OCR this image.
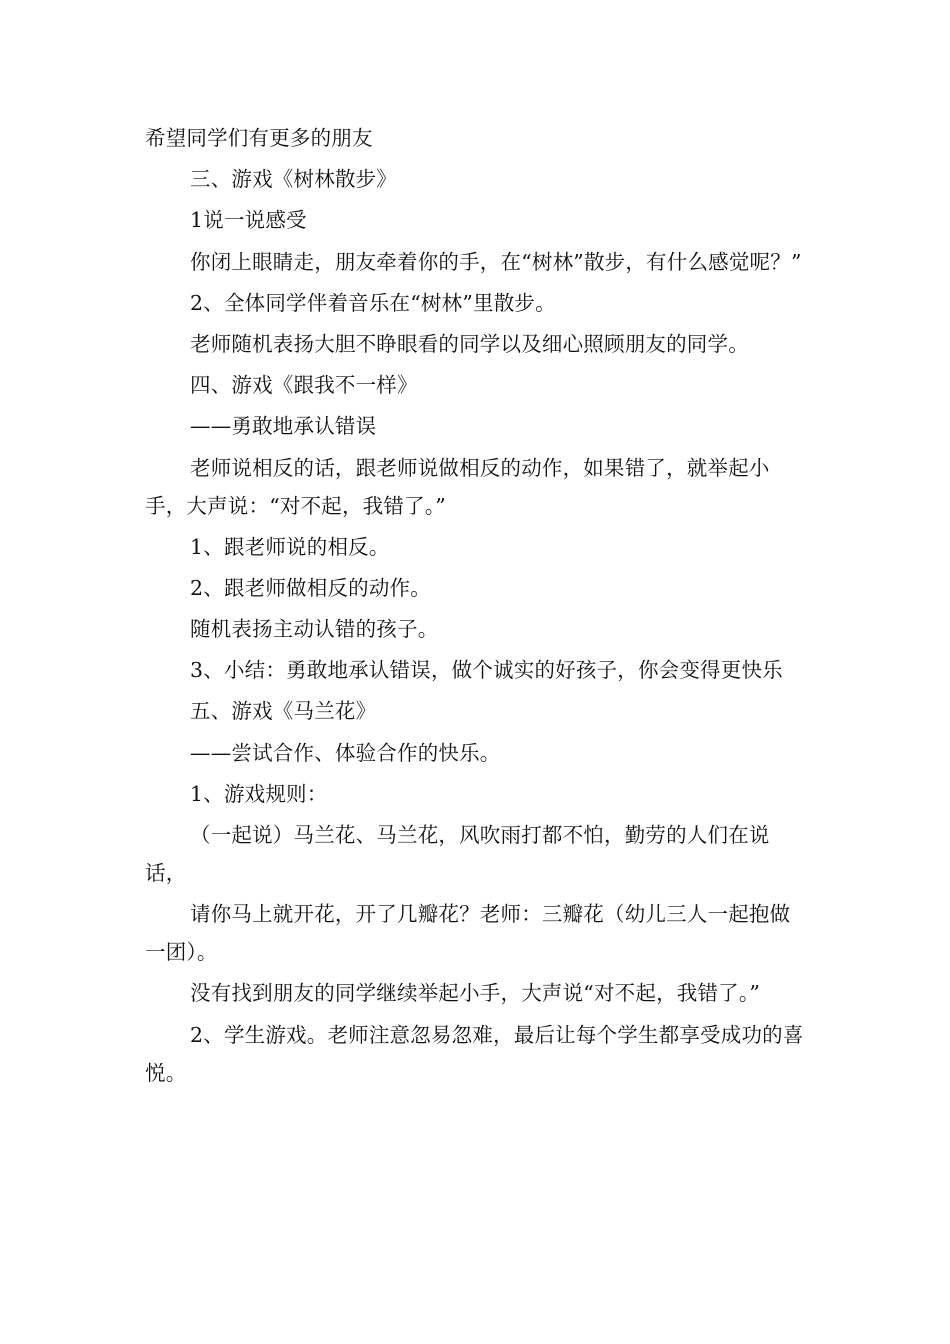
希望同学们有更多的朋友

三、游戏《树林散步》

1说一说感受

你闭上眼睛走，朋友牵着你的手，在“树林”散步，有什么感觉呢？”

2、全体同学伴着音乐在“树林”里散步。

老师随机表扬大胆不睁眼看的同学以及细心照顾朋友的同学。

四、游戏《跟我不一样》

——勇敢地承认错误

老师说相反的话，跟老师说做相反的动作，如果错了，就举起小手，大声说：“对不起，我错了。”

1、跟老师说的相反。

2、跟老师做相反的动作。

随机表扬主动认错的孩子。

3、小结：勇敢地承认错误，做个诚实的好孩子，你会变得更快乐

五、游戏《马兰花》

——尝试合作、体验合作的快乐。

1、游戏规则：

（一起说）马兰花、马兰花，风吹雨打都不怕，勤劳的人们在说话，

请你马上就开花，开了几瓣花？老师：三瓣花（幼儿三人一起抱做一团）。

没有找到朋友的同学继续举起小手，大声说“对不起，我错了。”

2、学生游戏。老师注意忽易忽难，最后让每个学生都享受成功的喜悦。
